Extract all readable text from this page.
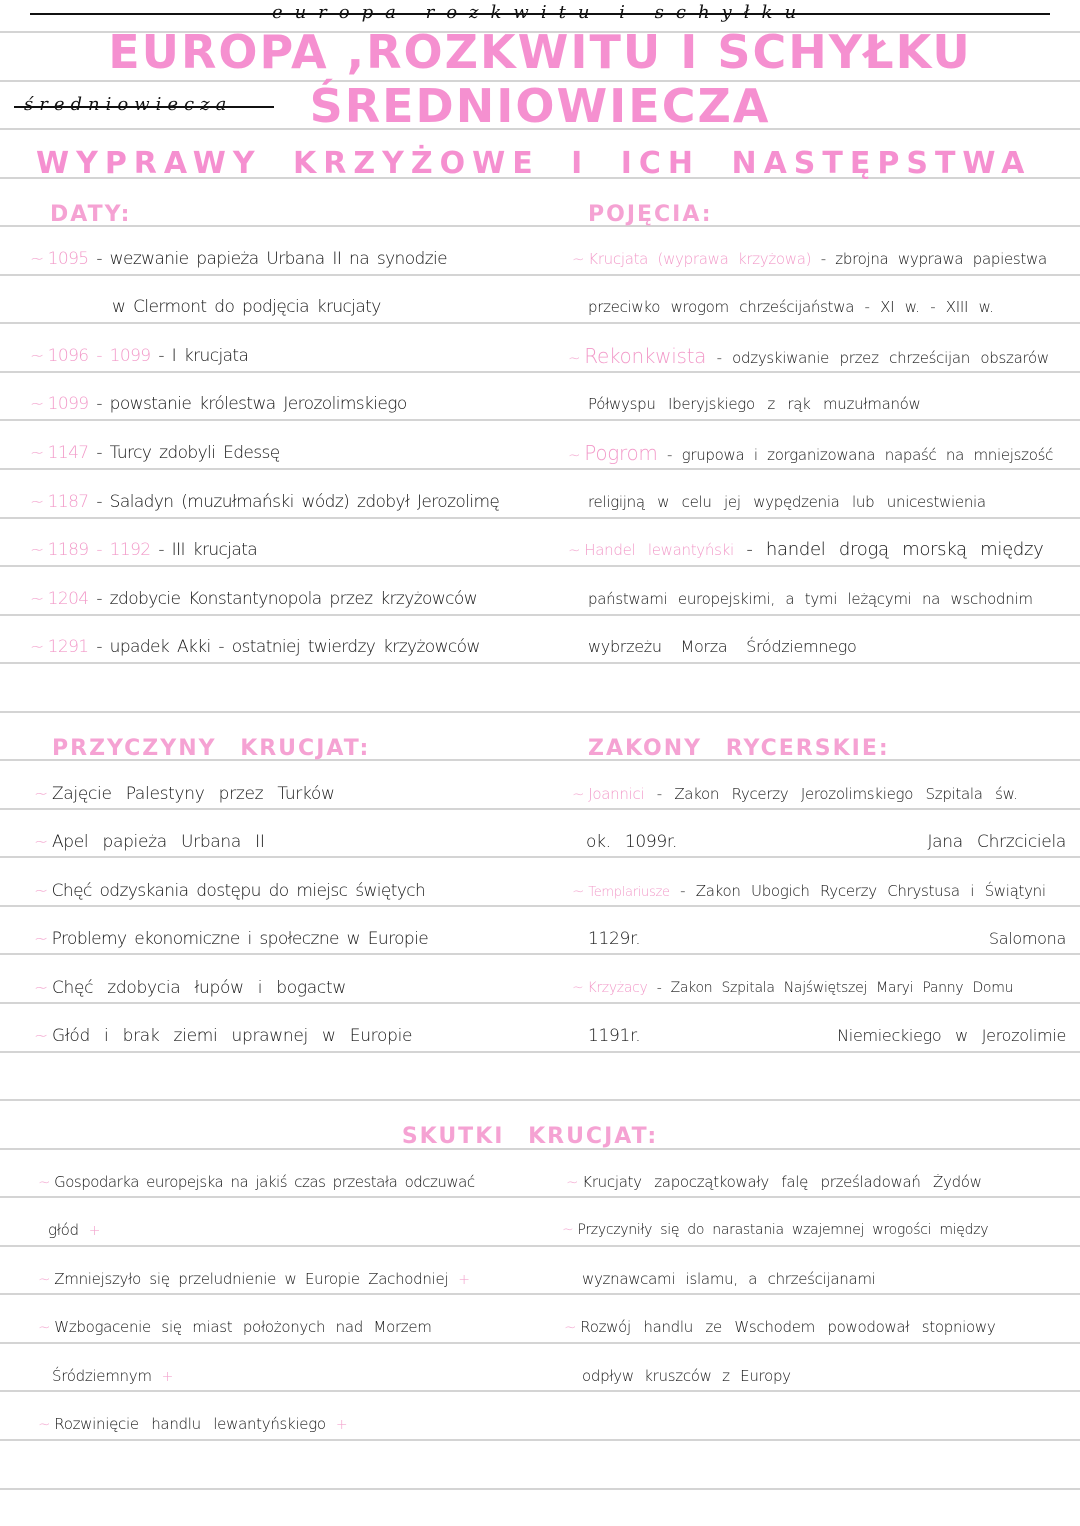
europa rozkwitu i schyłku
EUROPA ,ROZKWITU I SCHYŁKU
ŚREDNIOWIECZA
średniowiecza
WYPRAWY KRZYŻOWE I ICH NASTĘPSTWA
DATY:
~ 1095 - wezwanie papieża Urbana II na synodzie
w Clermont do podjęcia krucjaty
~ 1096 - 1099 - I krucjata
~ 1099 - powstanie królestwa Jerozolimskiego
~ 1147 - Turcy zdobyli Edessę
~ 1187 - Saladyn (muzułmański wódz) zdobył Jerozolimę
~ 1189 - 1192 - III krucjata
~ 1204 - zdobycie Konstantynopola przez krzyżowców
~ 1291 - upadek Akki - ostatniej twierdzy krzyżowców
POJĘCIA:
~ Krucjata (wyprawa krzyżowa) - zbrojna wyprawa papiestwa
przeciwko wrogom chrześcijaństwa - XI w. - XIII w.
~ Rekonkwista - odzyskiwanie przez chrześcijan obszarów
Półwyspu Iberyjskiego z rąk muzułmanów
~ Pogrom - grupowa i zorganizowana napaść na mniejszość
religijną w celu jej wypędzenia lub unicestwienia
~ Handel lewantyński - handel drogą morską między
państwami europejskimi, a tymi leżącymi na wschodnim
wybrzeżu Morza Śródziemnego
PRZYCZYNY KRUCJAT:
~ Zajęcie Palestyny przez Turków
~ Apel papieża Urbana II
~ Chęć odzyskania dostępu do miejsc świętych
~ Problemy ekonomiczne i społeczne w Europie
~ Chęć zdobycia łupów i bogactw
~ Głód i brak ziemi uprawnej w Europie
ZAKONY RYCERSKIE:
~ Joannici - Zakon Rycerzy Jerozolimskiego Szpitala św.
ok. 1099r.	Jana Chrzciciela
~ Templariusze - Zakon Ubogich Rycerzy Chrystusa i Świątyni
1129r.	Salomona
~ Krzyżacy - Zakon Szpitala Najświętszej Maryi Panny Domu
1191r.	Niemieckiego w Jerozolimie
SKUTKI KRUCJAT:
~ Gospodarka europejska na jakiś czas przestała odczuwać
głód +
~ Zmniejszyło się przeludnienie w Europie Zachodniej +
~ Wzbogacenie się miast położonych nad Morzem
Śródziemnym +
~ Rozwinięcie handlu lewantyńskiego +
~ Krucjaty zapoczątkowały falę prześladowań Żydów
~ Przyczyniły się do narastania wzajemnej wrogości między
wyznawcami islamu, a chrześcijanami
~ Rozwój handlu ze Wschodem powodował stopniowy
odpływ kruszców z Europy
